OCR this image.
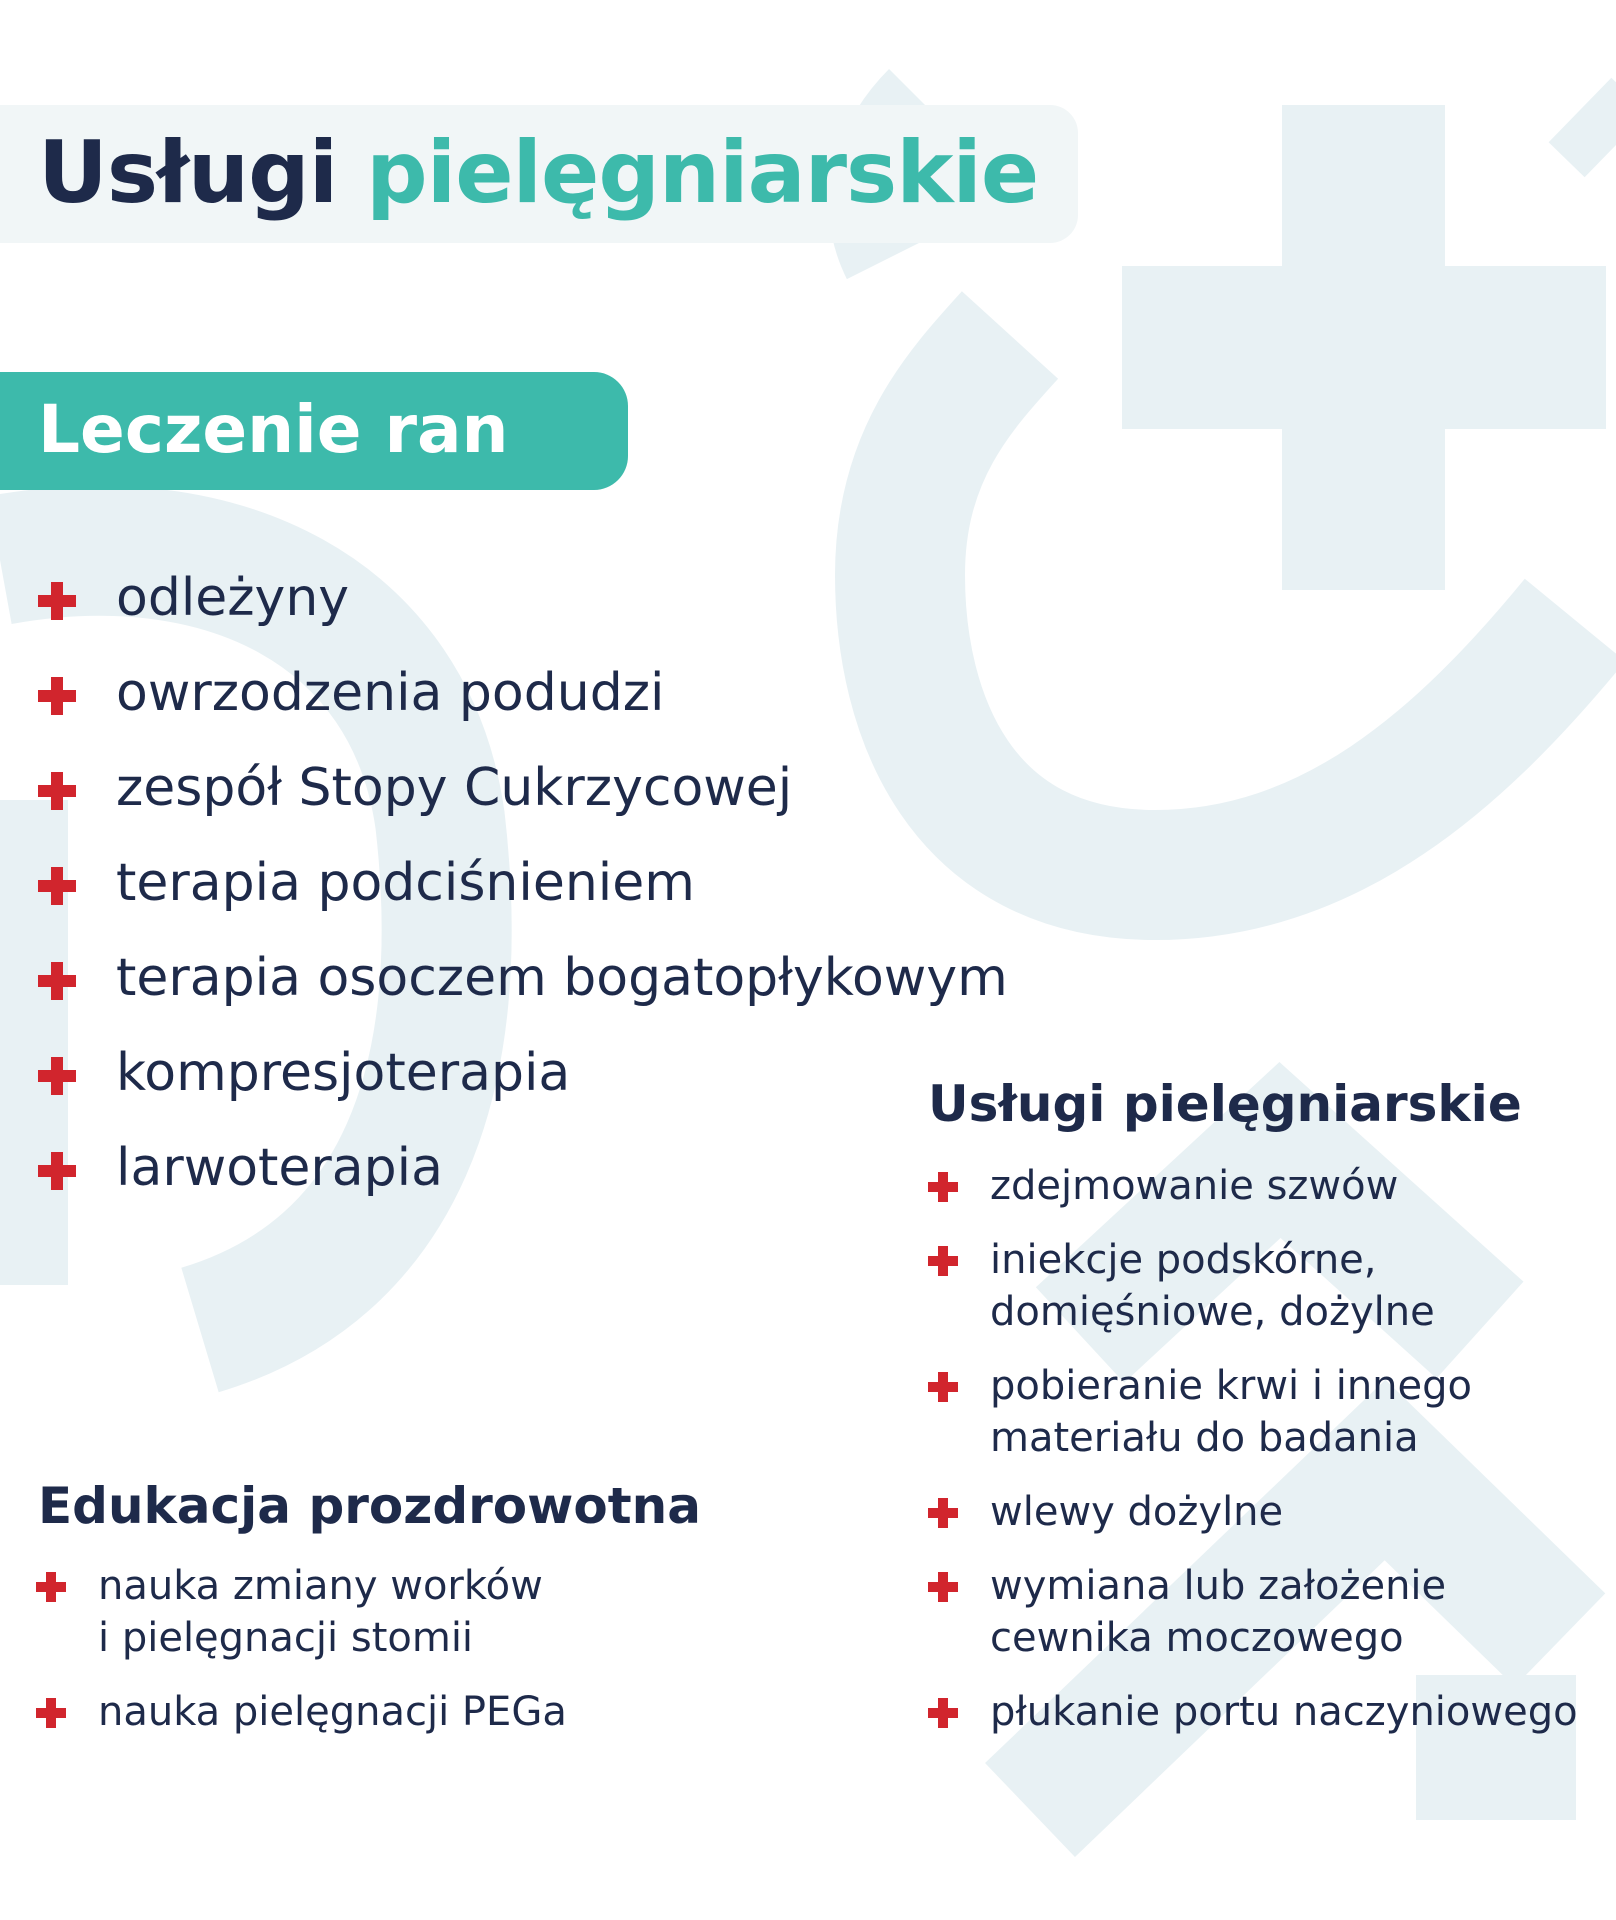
Usługi pielęgniarskie
Leczenie ran
odleżyny
owrzodzenia podudzi
zespół Stopy Cukrzycowej
terapia podciśnieniem
terapia osoczem bogatopłykowym
kompresjoterapia
larwoterapia
Usługi pielęgniarskie
zdejmowanie szwów
iniekcje podskórne,
domięśniowe, dożylne
pobieranie krwi i innego
materiału do badania
wlewy dożylne
wymiana lub założenie
cewnika moczowego
płukanie portu naczyniowego
Edukacja prozdrowotna
nauka zmiany worków
i pielęgnacji stomii
nauka pielęgnacji PEGa
